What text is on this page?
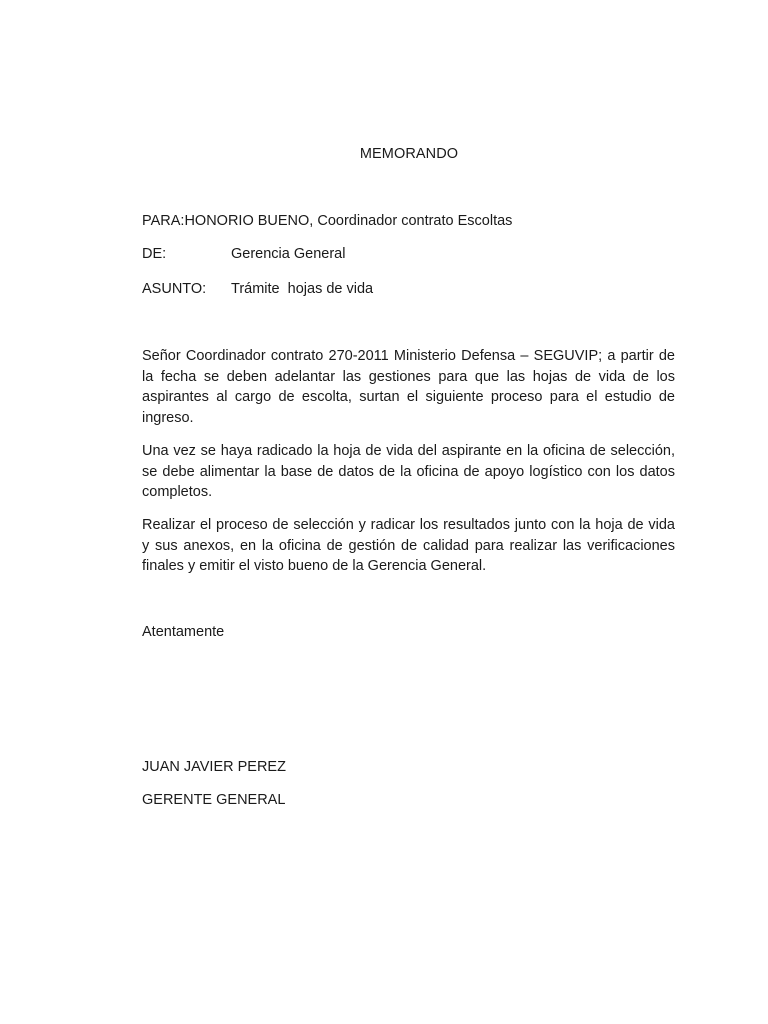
MEMORANDO
PARA:HONORIO BUENO, Coordinador contrato Escoltas
DE:	Gerencia General
ASUNTO: Trámite  hojas de vida
Señor Coordinador contrato 270-2011 Ministerio Defensa – SEGUVIP; a partir de la fecha se deben adelantar las gestiones para que las hojas de vida de los aspirantes al cargo de escolta, surtan el siguiente proceso para el estudio de ingreso.
Una vez se haya radicado la hoja de vida del aspirante en la oficina de selección, se debe alimentar la base de datos de la oficina de apoyo logístico con los datos completos.
Realizar el proceso de selección y radicar los resultados junto con la hoja de vida y sus anexos, en la oficina de gestión de calidad para realizar las verificaciones finales y emitir el visto bueno de la Gerencia General.
Atentamente
JUAN JAVIER PEREZ
GERENTE GENERAL
